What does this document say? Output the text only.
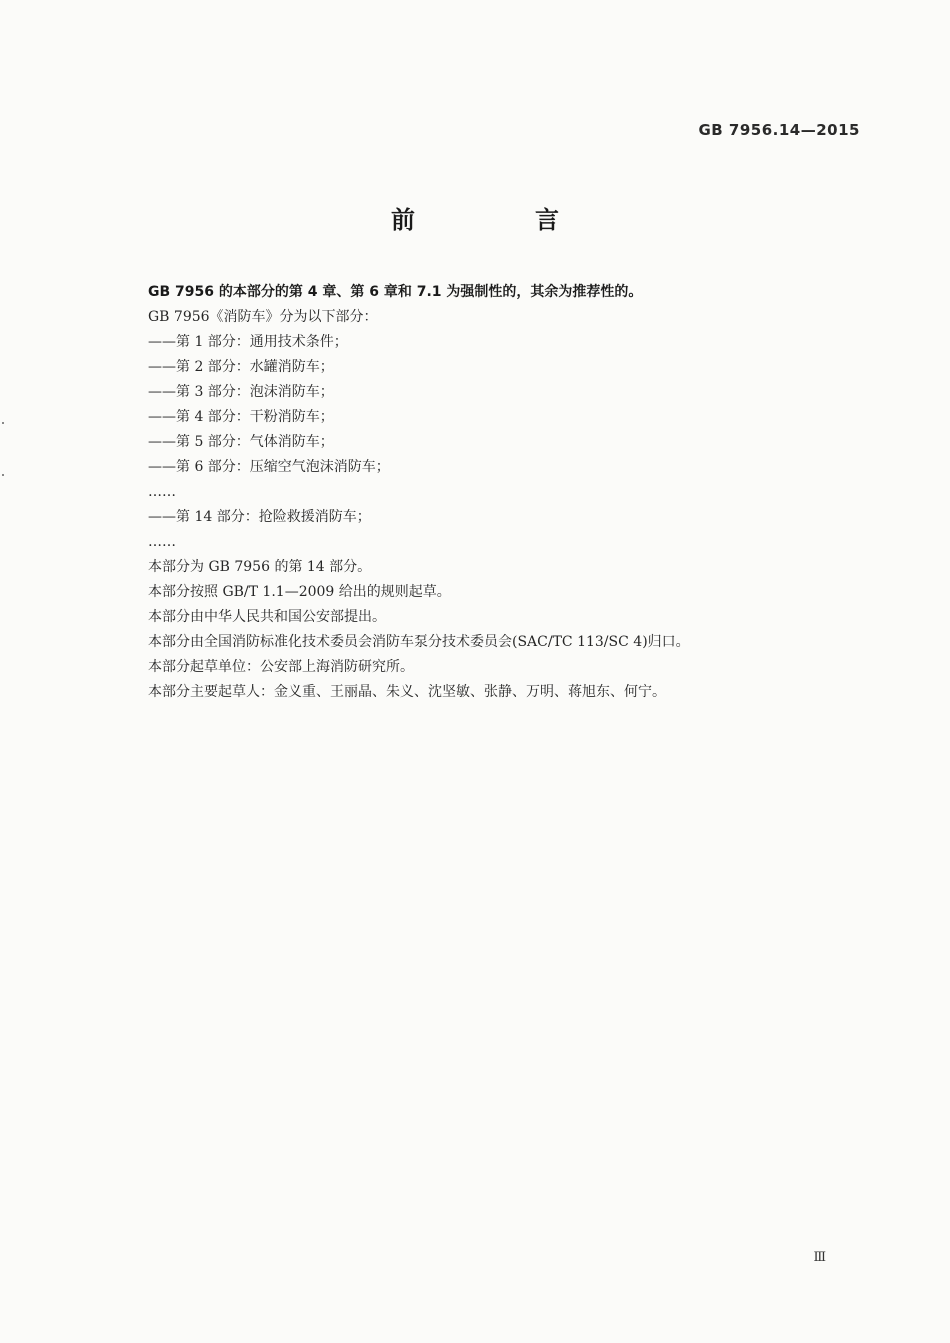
GB 7956.14—2015
前　言

GB 7956 的本部分的第 4 章、第 6 章和 7.1 为强制性的，其余为推荐性的。

GB 7956《消防车》分为以下部分：

——第 1 部分：通用技术条件；

——第 2 部分：水罐消防车；

——第 3 部分：泡沫消防车；

——第 4 部分：干粉消防车；

——第 5 部分：气体消防车；

——第 6 部分：压缩空气泡沫消防车；

……

——第 14 部分：抢险救援消防车；

……

本部分为 GB 7956 的第 14 部分。

本部分按照 GB/T 1.1—2009 给出的规则起草。

本部分由中华人民共和国公安部提出。

本部分由全国消防标准化技术委员会消防车泵分技术委员会(SAC/TC 113/SC 4)归口。

本部分起草单位：公安部上海消防研究所。

本部分主要起草人：金义重、王丽晶、朱义、沈坚敏、张静、万明、蒋旭东、何宁。

Ⅲ
